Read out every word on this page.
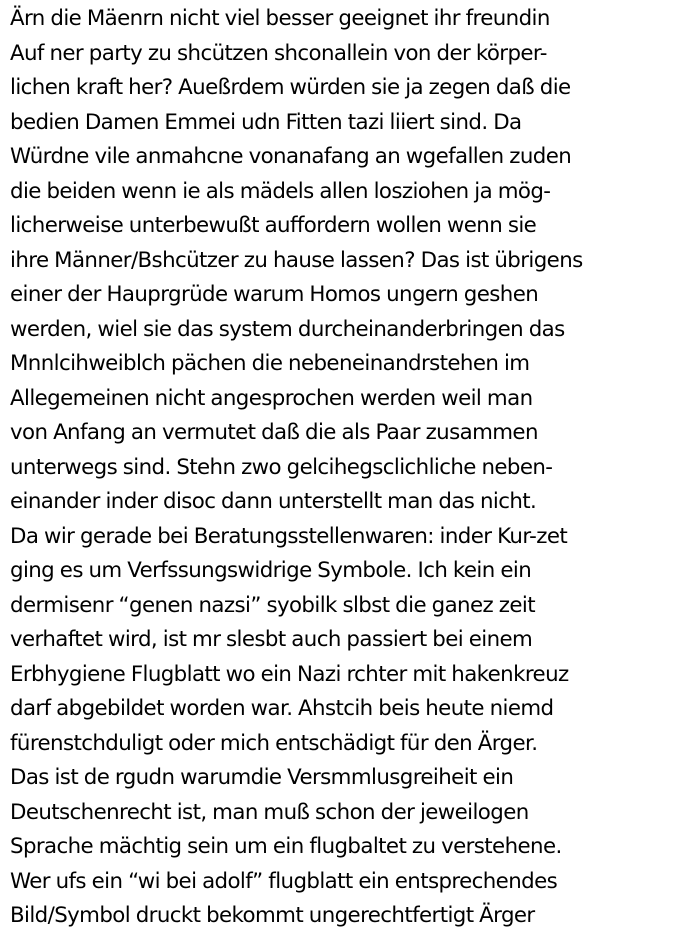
Ärn die Mäenrn nicht viel besser geeignet ihr freundin
Auf ner party zu shcützen shconallein von der körper-
lichen kraft her? Aueßrdem würden sie ja zegen daß die
bedien Damen Emmei udn Fitten tazi liiert sind. Da
Würdne vile anmahcne vonanafang an wgefallen zuden
die beiden wenn ie als mädels allen losziohen ja mög-
licherweise unterbewußt auffordern wollen wenn sie
ihre Männer/Bshcützer zu hause lassen? Das ist übrigens
einer der Hauprgrüde warum Homos ungern geshen
werden, wiel sie das system durcheinanderbringen das
Mnnlcihweiblch pächen die nebeneinandrstehen im
Allegemeinen nicht angesprochen werden weil man
von Anfang an vermutet daß die als Paar zusammen
unterwegs sind. Stehn zwo gelcihegsclichliche neben-
einander inder disoc dann unterstellt man das nicht.
Da wir gerade bei Beratungsstellenwaren: inder Kur-zet
ging es um Verfssungswidrige Symbole. Ich kein ein
dermisenr “genen nazsi” syobilk slbst die ganez zeit
verhaftet wird, ist mr slesbt auch passiert bei einem
Erbhygiene Flugblatt wo ein Nazi rchter mit hakenkreuz
darf abgebildet worden war. Ahstcih beis heute niemd
fürenstchduligt oder mich entschädigt für den Ärger.
Das ist de rgudn warumdie Versmmlusgreiheit ein
Deutschenrecht ist, man muß schon der jeweilogen
Sprache mächtig sein um ein flugbaltet zu verstehene.
Wer ufs ein “wi bei adolf” flugblatt ein entsprechendes
Bild/Symbol druckt bekommt ungerechtfertigt Ärger
